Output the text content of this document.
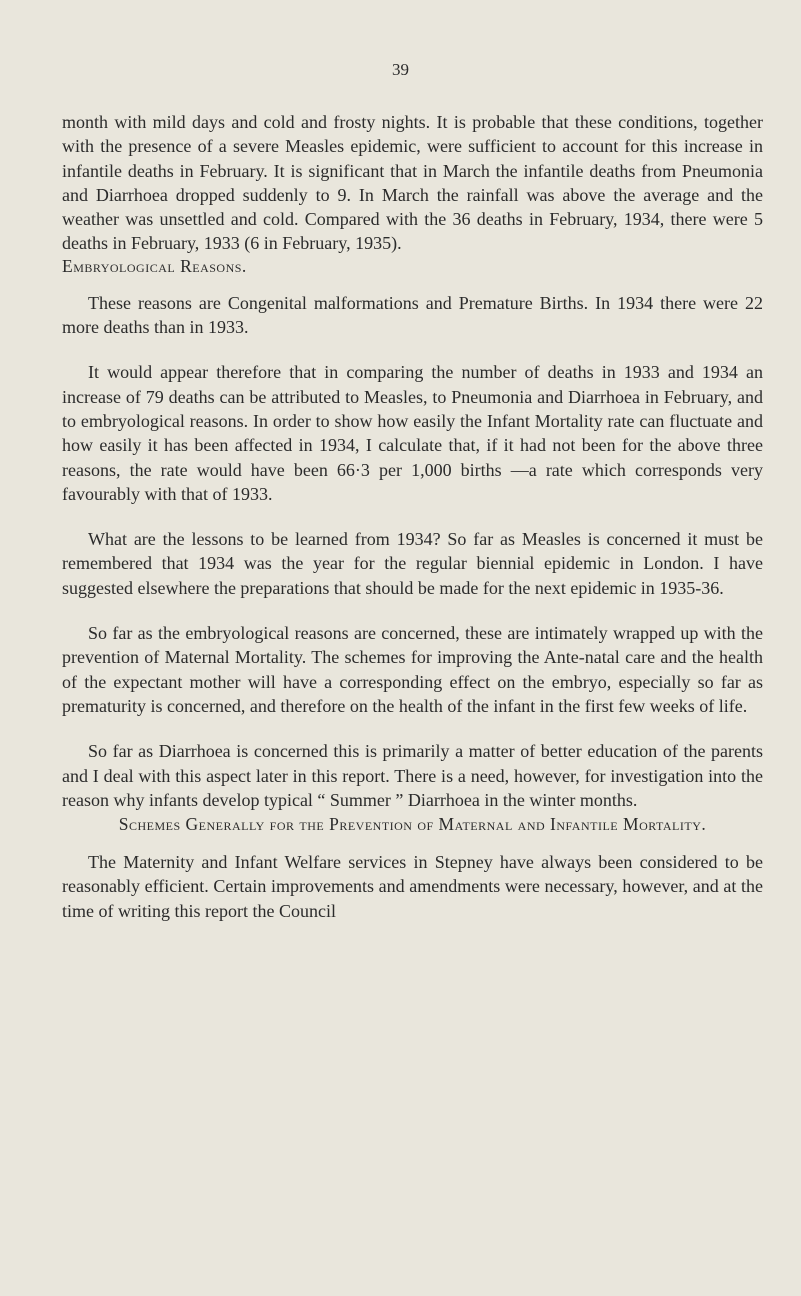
39

month with mild days and cold and frosty nights. It is probable that these conditions, together with the presence of a severe Measles epidemic, were sufficient to account for this increase in infantile deaths in February. It is significant that in March the infantile deaths from Pneumonia and Diarrhoea dropped suddenly to 9. In March the rainfall was above the average and the weather was unsettled and cold. Compared with the 36 deaths in February, 1934, there were 5 deaths in February, 1933 (6 in February, 1935).

Embryological Reasons.

These reasons are Congenital malformations and Premature Births. In 1934 there were 22 more deaths than in 1933.

It would appear therefore that in comparing the number of deaths in 1933 and 1934 an increase of 79 deaths can be attributed to Measles, to Pneumonia and Diarrhoea in February, and to embryological reasons. In order to show how easily the Infant Mortality rate can fluctuate and how easily it has been affected in 1934, I calculate that, if it had not been for the above three reasons, the rate would have been 66·3 per 1,000 births —a rate which corresponds very favourably with that of 1933.

What are the lessons to be learned from 1934? So far as Measles is concerned it must be remembered that 1934 was the year for the regular biennial epidemic in London. I have suggested elsewhere the preparations that should be made for the next epidemic in 1935-36.

So far as the embryological reasons are concerned, these are intimately wrapped up with the prevention of Maternal Mortality. The schemes for improving the Ante-natal care and the health of the expectant mother will have a corresponding effect on the embryo, especially so far as prematurity is concerned, and therefore on the health of the infant in the first few weeks of life.

So far as Diarrhoea is concerned this is primarily a matter of better education of the parents and I deal with this aspect later in this report. There is a need, however, for investigation into the reason why infants develop typical “ Summer ” Diarrhoea in the winter months.

Schemes Generally for the Prevention of Maternal and Infantile Mortality.

The Maternity and Infant Welfare services in Stepney have always been considered to be reasonably efficient. Certain improvements and amendments were necessary, however, and at the time of writing this report the Council
